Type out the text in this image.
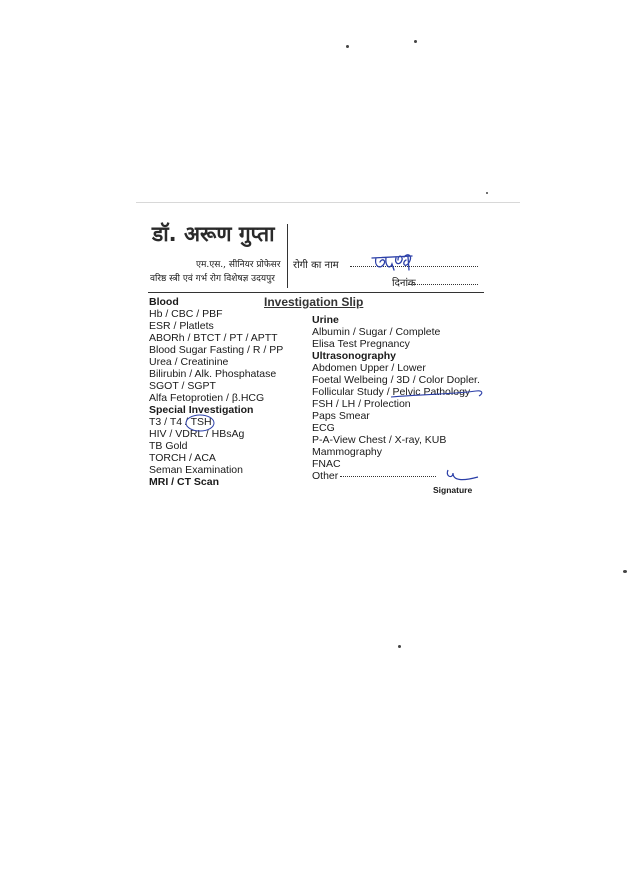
डॉ. अरूण गुप्ता
एम.एस., सीनियर प्रोफेसर
वरिष्ठ स्त्री एवं गर्भ रोग विशेषज्ञ उदयपुर
रोगी का नाम
दिनांक
Investigation Slip
Blood
Hb / CBC / PBF
ESR / Platlets
ABORh / BTCT / PT / APTT
Blood Sugar Fasting / R / PP
Urea / Creatinine
Bilirubin / Alk. Phosphatase
SGOT / SGPT
Alfa Fetoprotien / β.HCG
Special Investigation
T3 / T4 / TSH
HIV / VDRL / HBsAg
TB Gold
TORCH / ACA
Seman Examination
MRI / CT Scan
Urine
Albumin / Sugar / Complete
Elisa Test Pregnancy
Ultrasonography
Abdomen Upper / Lower
Foetal Welbeing / 3D / Color Dopler.
Follicular Study / Pelvic Pathology
FSH / LH / Prolection
Paps Smear
ECG
P-A-View Chest / X-ray, KUB
Mammography
FNAC
Other
Signature
